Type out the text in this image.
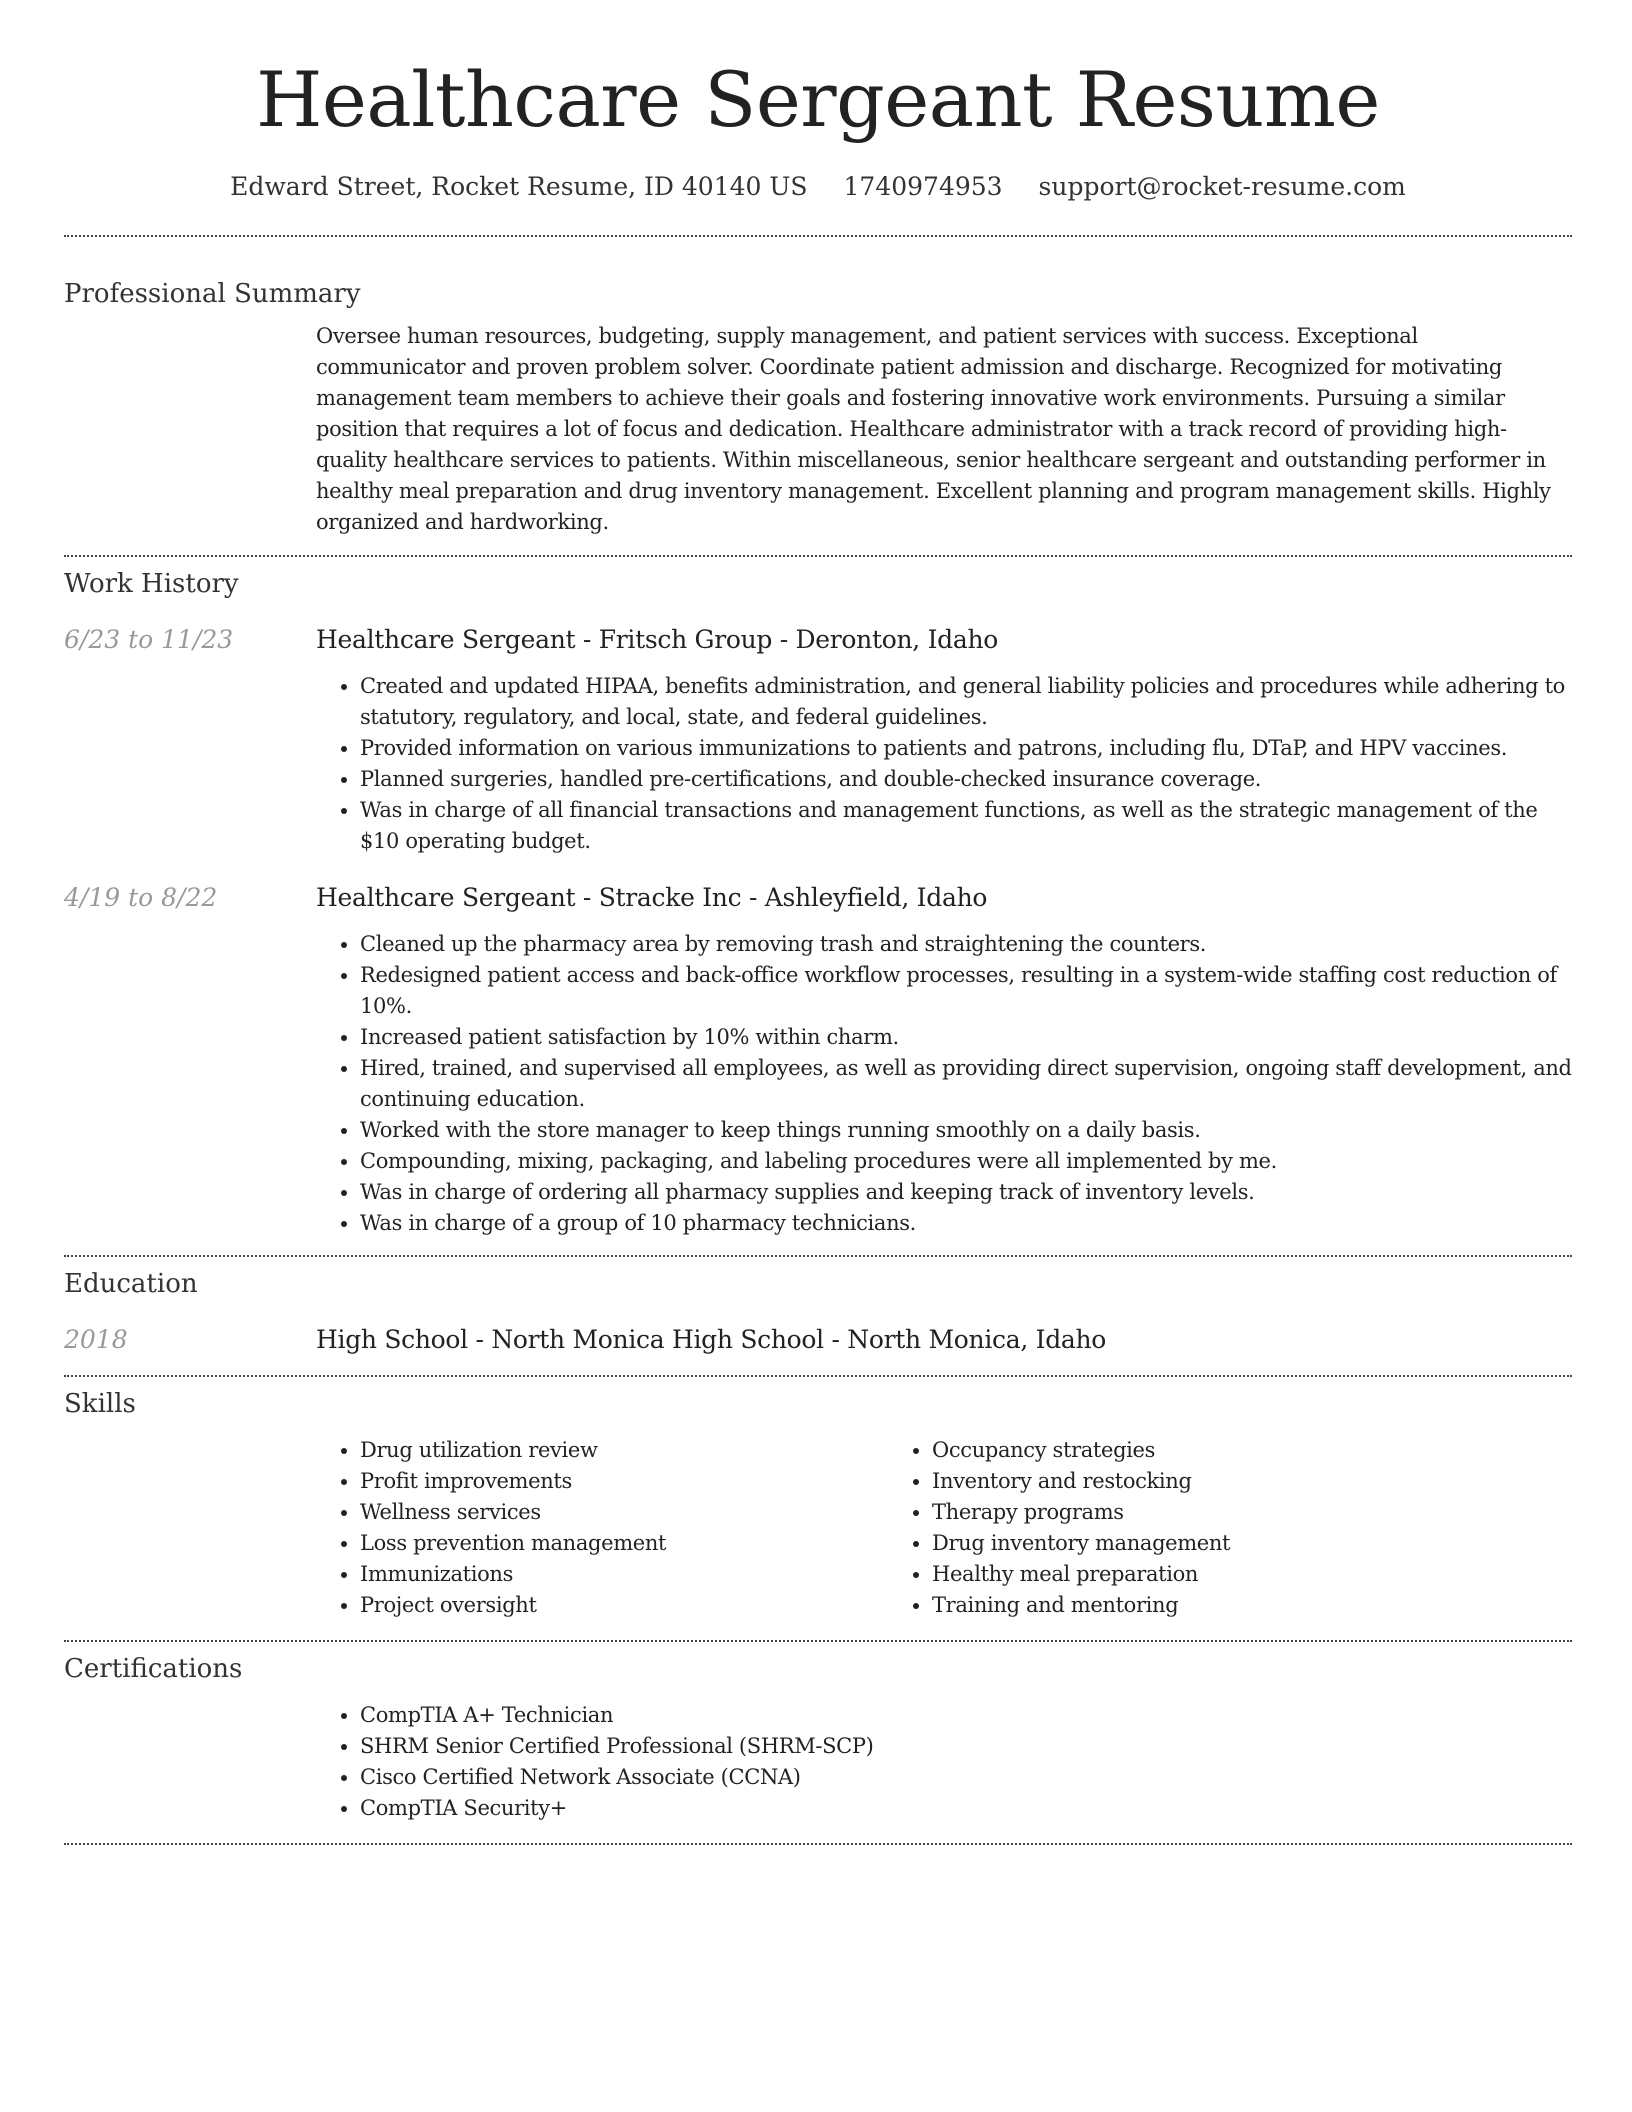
Healthcare Sergeant Resume
Edward Street, Rocket Resume, ID 40140 US 1740974953 support@rocket-resume.com
Professional Summary

Oversee human resources, budgeting, supply management, and patient services with success. Exceptional communicator and proven problem solver. Coordinate patient admission and discharge. Recognized for motivating management team members to achieve their goals and fostering innovative work environments. Pursuing a similar position that requires a lot of focus and dedication. Healthcare administrator with a track record of providing high-quality healthcare services to patients. Within miscellaneous, senior healthcare sergeant and outstanding performer in healthy meal preparation and drug inventory management. Excellent planning and program management skills. Highly organized and hardworking.

Work History
6/23 to 11/23	Healthcare Sergeant - Fritsch Group - Deronton, Idaho
• Created and updated HIPAA, benefits administration, and general liability policies and procedures while adhering to statutory, regulatory, and local, state, and federal guidelines.
• Provided information on various immunizations to patients and patrons, including flu, DTaP, and HPV vaccines.
• Planned surgeries, handled pre-certifications, and double-checked insurance coverage.
• Was in charge of all financial transactions and management functions, as well as the strategic management of the $10 operating budget.
4/19 to 8/22	Healthcare Sergeant - Stracke Inc - Ashleyfield, Idaho
• Cleaned up the pharmacy area by removing trash and straightening the counters.
• Redesigned patient access and back-office workflow processes, resulting in a system-wide staffing cost reduction of 10%.
• Increased patient satisfaction by 10% within charm.
• Hired, trained, and supervised all employees, as well as providing direct supervision, ongoing staff development, and continuing education.
• Worked with the store manager to keep things running smoothly on a daily basis.
• Compounding, mixing, packaging, and labeling procedures were all implemented by me.
• Was in charge of ordering all pharmacy supplies and keeping track of inventory levels.
• Was in charge of a group of 10 pharmacy technicians.
Education
2018	High School - North Monica High School - North Monica, Idaho
Skills
• Drug utilization review
• Profit improvements
• Wellness services
• Loss prevention management
• Immunizations
• Project oversight
• Occupancy strategies
• Inventory and restocking
• Therapy programs
• Drug inventory management
• Healthy meal preparation
• Training and mentoring
Certifications
• CompTIA A+ Technician
• SHRM Senior Certified Professional (SHRM-SCP)
• Cisco Certified Network Associate (CCNA)
• CompTIA Security+
